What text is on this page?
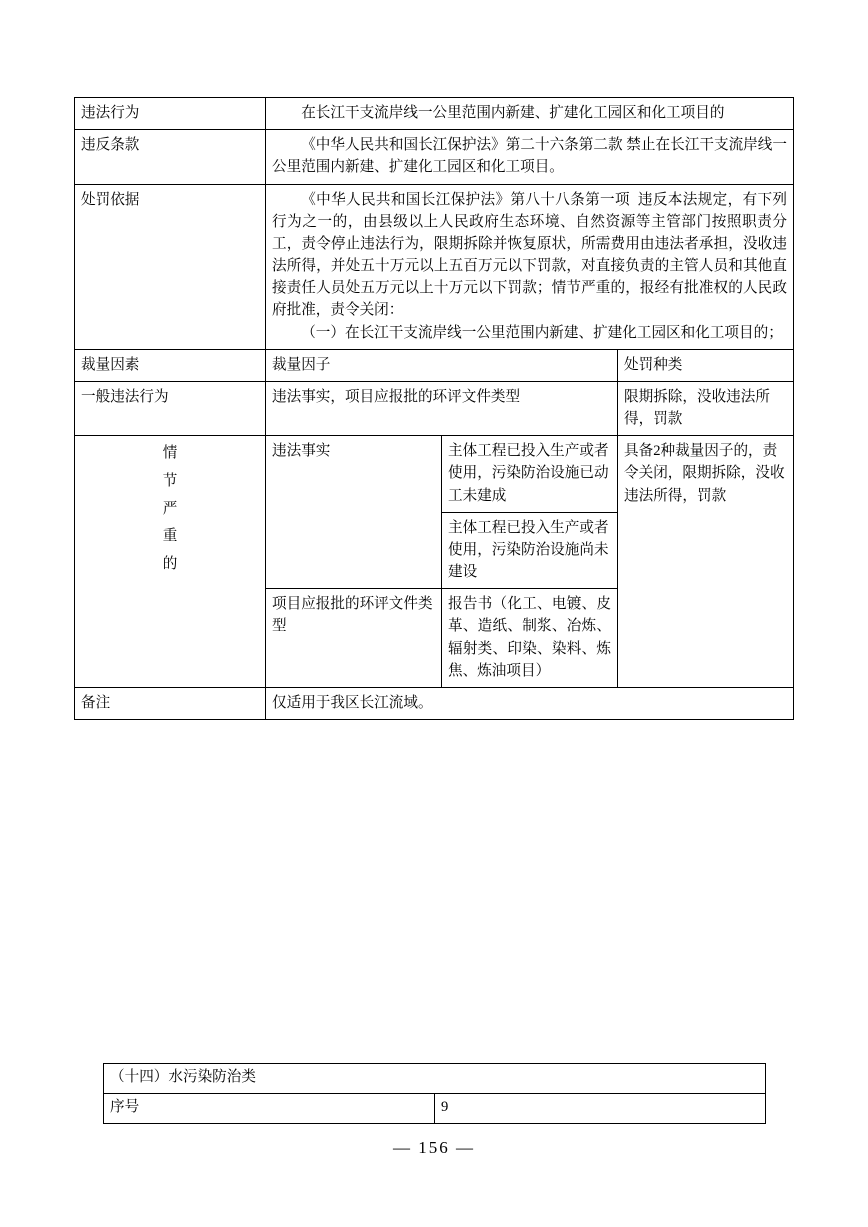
违法行为	在长江干支流岸线一公里范围内新建、扩建化工园区和化工项目的		
违反条款	《中华人民共和国长江保护法》第二十六条第二款 禁止在长江干支流岸线一公里范围内新建、扩建化工园区和化工项目。		
处罚依据	《中华人民共和国长江保护法》第八十八条第一项  违反本法规定，有下列行为之一的，由县级以上人民政府生态环境、自然资源等主管部门按照职责分工，责令停止违法行为，限期拆除并恢复原状，所需费用由违法者承担，没收违法所得，并处五十万元以上五百万元以下罚款，对直接负责的主管人员和其他直接责任人员处五万元以上十万元以下罚款；情节严重的，报经有批准权的人民政府批准，责令关闭：
（一）在长江干支流岸线一公里范围内新建、扩建化工园区和化工项目的；		

裁量因素	裁量因子		处罚种类
一般违法行为	违法事实，项目应报批的环评文件类型		限期拆除，没收违法所得，罚款

情
节
严
重
的	违法事实	主体工程已投入生产或者使用，污染防治设施已动工未建成	具备2种裁量因子的，责令关闭，限期拆除，没收违法所得，罚款
		主体工程已投入生产或者使用，污染防治设施尚未建设	
	项目应报批的环评文件类型	报告书（化工、电镀、皮革、造纸、制浆、冶炼、辐射类、印染、染料、炼焦、炼油项目）	
备注	仅适用于我区长江流域。		
（十四）水污染防治类
序号	9
— 156 —
